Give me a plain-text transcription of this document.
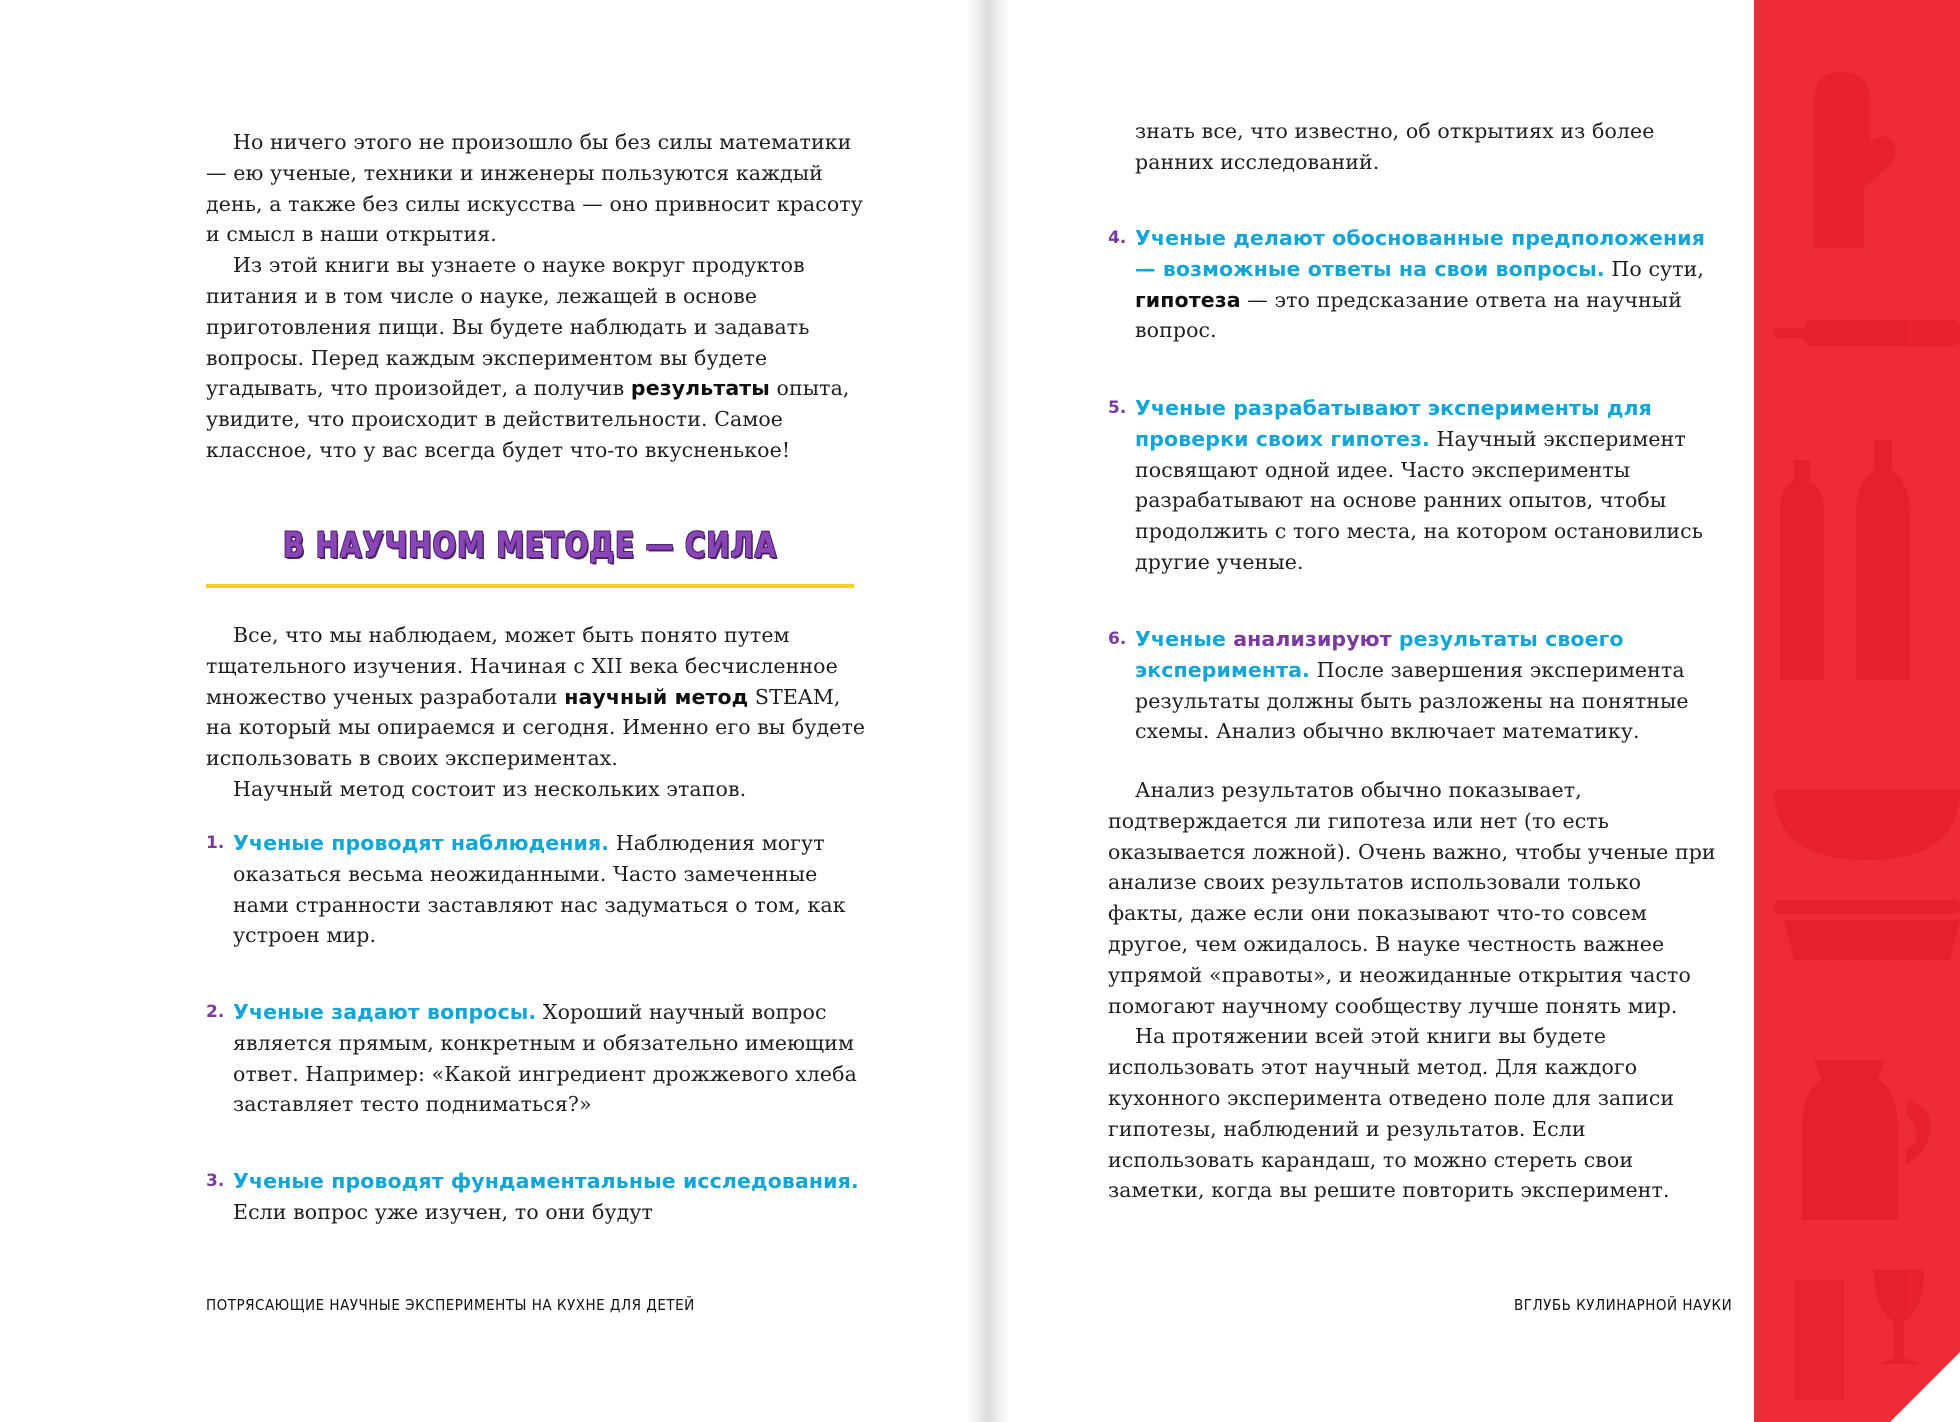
Но ничего этого не произошло бы без силы математики — ею ученые, техники и инженеры пользуются каждый день, а также без силы искусства — оно привносит красоту и смысл в наши открытия.

Из этой книги вы узнаете о науке вокруг продуктов питания и в том числе о науке, лежащей в основе приготовления пищи. Вы будете наблюдать и задавать вопросы. Перед каждым экспериментом вы будете угадывать, что произойдет, а получив результаты опыта, увидите, что происходит в действительности. Самое классное, что у вас всегда будет что-то вкусненькое!

В НАУЧНОМ МЕТОДЕ — СИЛА

Все, что мы наблюдаем, может быть понято путем тщательного изучения. Начиная с XII века бесчисленное множество ученых разработали научный метод STEAM, на который мы опираемся и сегодня. Именно его вы будете использовать в своих экспериментах.

Научный метод состоит из нескольких этапов.

1. Ученые проводят наблюдения. Наблюдения могут оказаться весьма неожиданными. Часто замеченные нами странности заставляют нас задуматься о том, как устроен мир.
2. Ученые задают вопросы. Хороший научный вопрос является прямым, конкретным и обязательно имеющим ответ. Например: «Какой ингредиент дрожжевого хлеба заставляет тесто подниматься?»
3. Ученые проводят фундаментальные исследования. Если вопрос уже изучен, то они будут
ПОТРЯСАЮЩИЕ НАУЧНЫЕ ЭКСПЕРИМЕНТЫ НА КУХНЕ ДЛЯ ДЕТЕЙ
знать все, что известно, об открытиях из более ранних исследований.
4. Ученые делают обоснованные предположения — возможные ответы на свои вопросы. По сути, гипотеза — это предсказание ответа на научный вопрос.
5. Ученые разрабатывают эксперименты для проверки своих гипотез. Научный эксперимент посвящают одной идее. Часто эксперименты разрабатывают на основе ранних опытов, чтобы продолжить с того места, на котором остановились другие ученые.
6. Ученые анализируют результаты своего эксперимента. После завершения эксперимента результаты должны быть разложены на понятные схемы. Анализ обычно включает математику.

Анализ результатов обычно показывает, подтверждается ли гипотеза или нет (то есть оказывается ложной). Очень важно, чтобы ученые при анализе своих результатов использовали только факты, даже если они показывают что-то совсем другое, чем ожидалось. В науке честность важнее упрямой «правоты», и неожиданные открытия часто помогают научному сообществу лучше понять мир.

На протяжении всей этой книги вы будете использовать этот научный метод. Для каждого кухонного эксперимента отведено поле для записи гипотезы, наблюдений и результатов. Если использовать карандаш, то можно стереть свои заметки, когда вы решите повторить эксперимент.

ВГЛУБЬ КУЛИНАРНОЙ НАУКИ
